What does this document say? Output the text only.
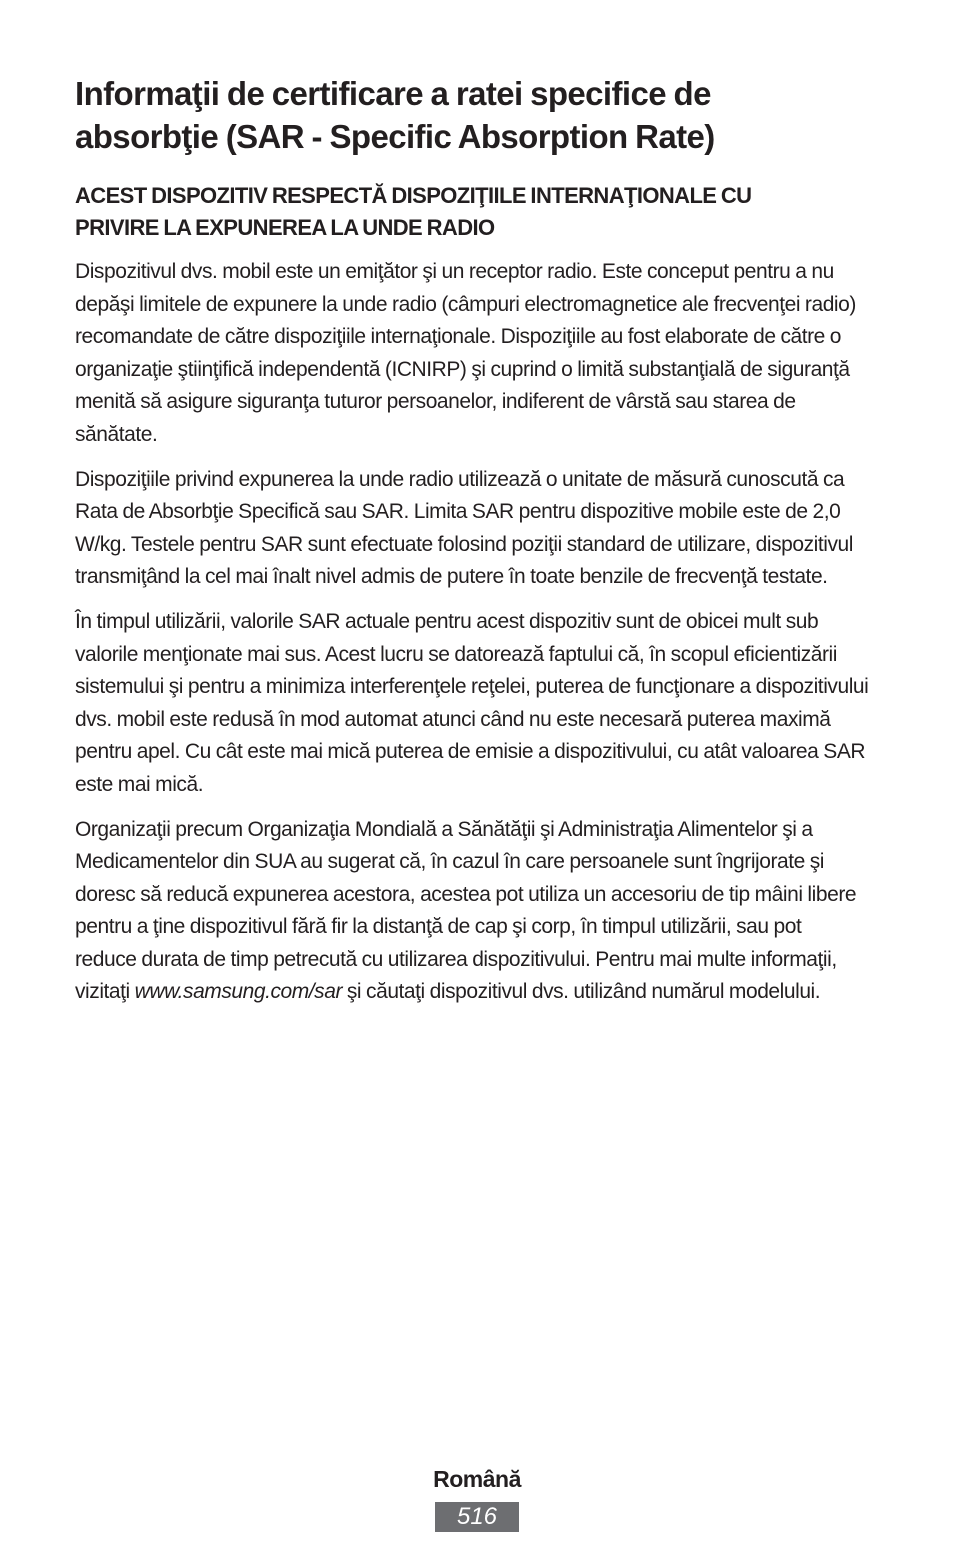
Informaţii de certificare a ratei specifice de absorbţie (SAR - Specific Absorption Rate)
ACEST DISPOZITIV RESPECTĂ DISPOZIŢIILE INTERNAŢIONALE CU PRIVIRE LA EXPUNEREA LA UNDE RADIO

Dispozitivul dvs. mobil este un emiţător şi un receptor radio. Este conceput pentru a nu depăşi limitele de expunere la unde radio (câmpuri electromagnetice ale frecvenţei radio) recomandate de către dispoziţiile internaţionale. Dispoziţiile au fost elaborate de către o organizaţie ştiinţifică independentă (ICNIRP) şi cuprind o limită substanţială de siguranţă menită să asigure siguranţa tuturor persoanelor, indiferent de vârstă sau starea de sănătate.

Dispoziţiile privind expunerea la unde radio utilizează o unitate de măsură cunoscută ca Rata de Absorbţie Specifică sau SAR. Limita SAR pentru dispozitive mobile este de 2,0 W/kg. Testele pentru SAR sunt efectuate folosind poziţii standard de utilizare, dispozitivul transmiţând la cel mai înalt nivel admis de putere în toate benzile de frecvenţă testate.

În timpul utilizării, valorile SAR actuale pentru acest dispozitiv sunt de obicei mult sub valorile menţionate mai sus. Acest lucru se datorează faptului că, în scopul eficientizării sistemului şi pentru a minimiza interferenţele reţelei, puterea de funcţionare a dispozitivului dvs. mobil este redusă în mod automat atunci când nu este necesară puterea maximă pentru apel. Cu cât este mai mică puterea de emisie a dispozitivului, cu atât valoarea SAR este mai mică.

Organizaţii precum Organizaţia Mondială a Sănătăţii şi Administraţia Alimentelor şi a Medicamentelor din SUA au sugerat că, în cazul în care persoanele sunt îngrijorate şi doresc să reducă expunerea acestora, acestea pot utiliza un accesoriu de tip mâini libere pentru a ţine dispozitivul fără fir la distanţă de cap şi corp, în timpul utilizării, sau pot reduce durata de timp petrecută cu utilizarea dispozitivului. Pentru mai multe informaţii, vizitaţi www.samsung.com/sar şi căutaţi dispozitivul dvs. utilizând numărul modelului.

Română
516
